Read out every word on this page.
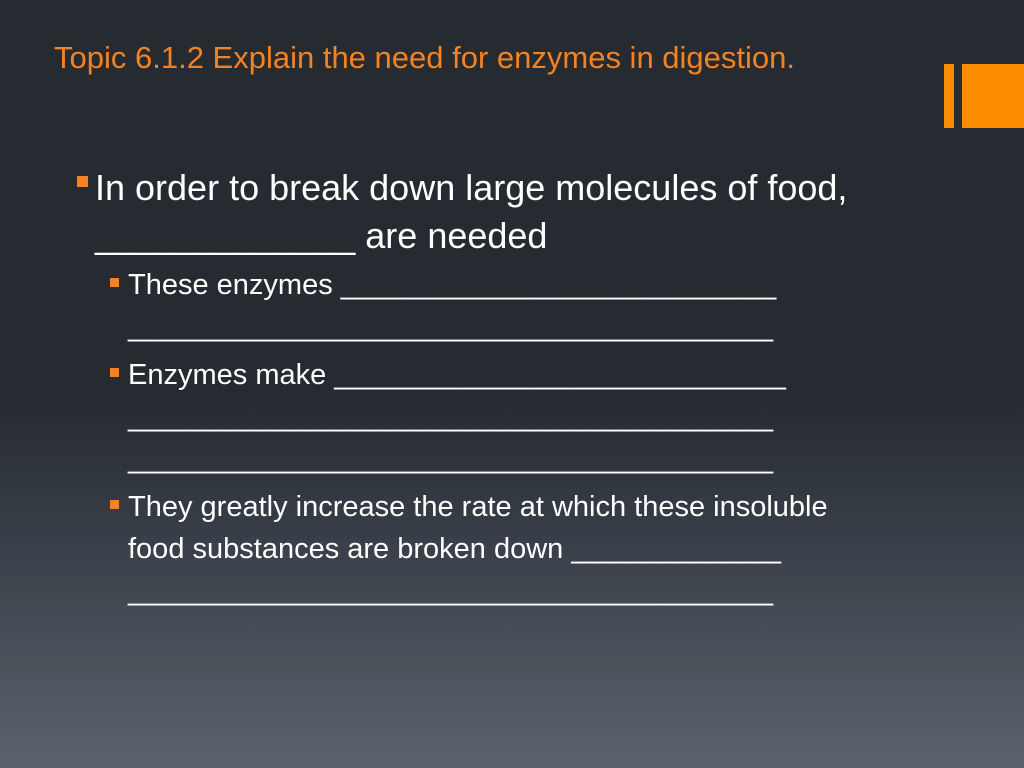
Topic 6.1.2 Explain the need for enzymes in digestion.
In order to break down large molecules of food,
_____________ are needed
These enzymes ___________________________
________________________________________
Enzymes make ____________________________
________________________________________
________________________________________
They greatly increase the rate at which these insoluble
food substances are broken down _____________
________________________________________
